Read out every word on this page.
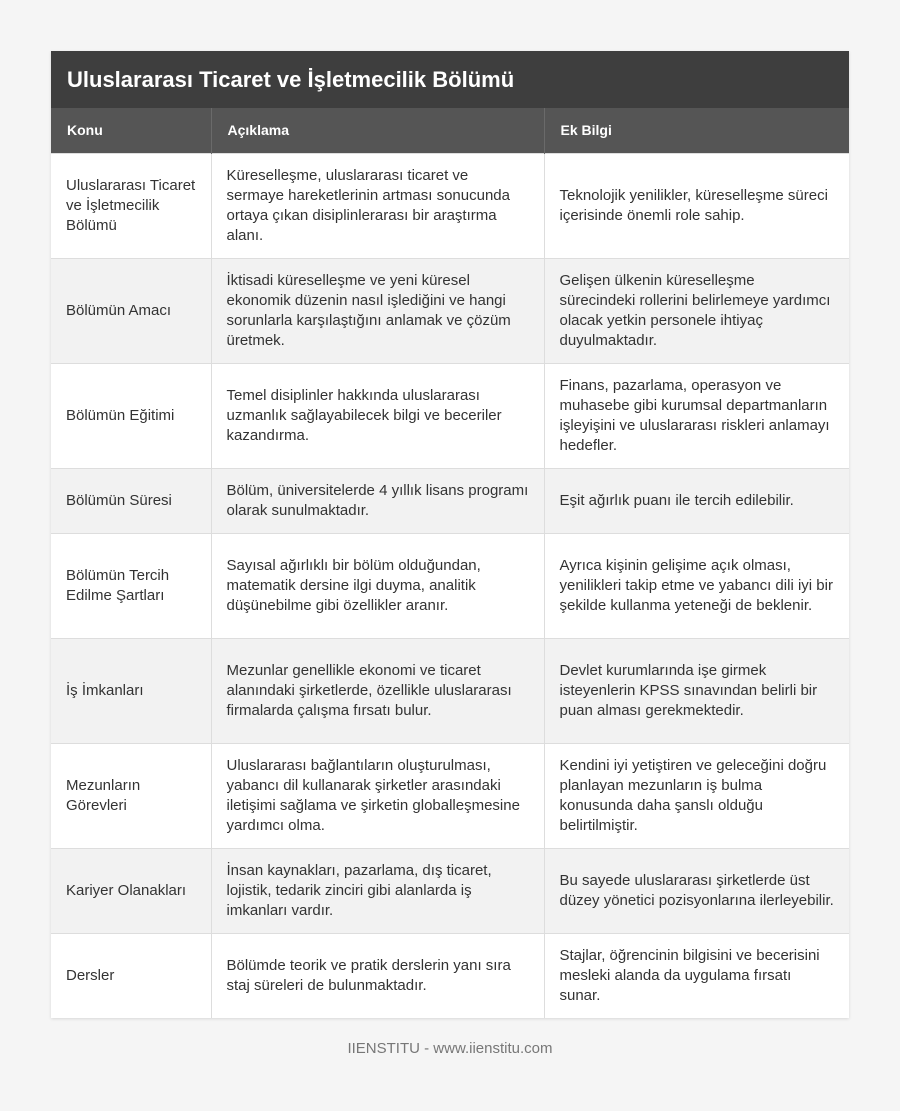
Uluslararası Ticaret ve İşletmecilik Bölümü
Konu	Açıklama	Ek Bilgi
Uluslararası Ticaret ve İşletmecilik Bölümü	Küreselleşme, uluslararası ticaret ve sermaye hareketlerinin artması sonucunda ortaya çıkan disiplinlerarası bir araştırma alanı.	Teknolojik yenilikler, küreselleşme süreci içerisinde önemli role sahip.
Bölümün Amacı	İktisadi küreselleşme ve yeni küresel ekonomik düzenin nasıl işlediğini ve hangi sorunlarla karşılaştığını anlamak ve çözüm üretmek.	Gelişen ülkenin küreselleşme sürecindeki rollerini belirlemeye yardımcı olacak yetkin personele ihtiyaç duyulmaktadır.
Bölümün Eğitimi	Temel disiplinler hakkında uluslararası uzmanlık sağlayabilecek bilgi ve beceriler kazandırma.	Finans, pazarlama, operasyon ve muhasebe gibi kurumsal departmanların işleyişini ve uluslararası riskleri anlamayı hedefler.
Bölümün Süresi	Bölüm, üniversitelerde 4 yıllık lisans programı olarak sunulmaktadır.	Eşit ağırlık puanı ile tercih edilebilir.
Bölümün Tercih Edilme Şartları	Sayısal ağırlıklı bir bölüm olduğundan, matematik dersine ilgi duyma, analitik düşünebilme gibi özellikler aranır.	Ayrıca kişinin gelişime açık olması, yenilikleri takip etme ve yabancı dili iyi bir şekilde kullanma yeteneği de beklenir.
İş İmkanları	Mezunlar genellikle ekonomi ve ticaret alanındaki şirketlerde, özellikle uluslararası firmalarda çalışma fırsatı bulur.	Devlet kurumlarında işe girmek isteyenlerin KPSS sınavından belirli bir puan alması gerekmektedir.
Mezunların Görevleri	Uluslararası bağlantıların oluşturulması, yabancı dil kullanarak şirketler arasındaki iletişimi sağlama ve şirketin globalleşmesine yardımcı olma.	Kendini iyi yetiştiren ve geleceğini doğru planlayan mezunların iş bulma konusunda daha şanslı olduğu belirtilmiştir.
Kariyer Olanakları	İnsan kaynakları, pazarlama, dış ticaret, lojistik, tedarik zinciri gibi alanlarda iş imkanları vardır.	Bu sayede uluslararası şirketlerde üst düzey yönetici pozisyonlarına ilerleyebilir.
Dersler	Bölümde teorik ve pratik derslerin yanı sıra staj süreleri de bulunmaktadır.	Stajlar, öğrencinin bilgisini ve becerisini mesleki alanda da uygulama fırsatı sunar.
IIENSTITU - www.iienstitu.com
